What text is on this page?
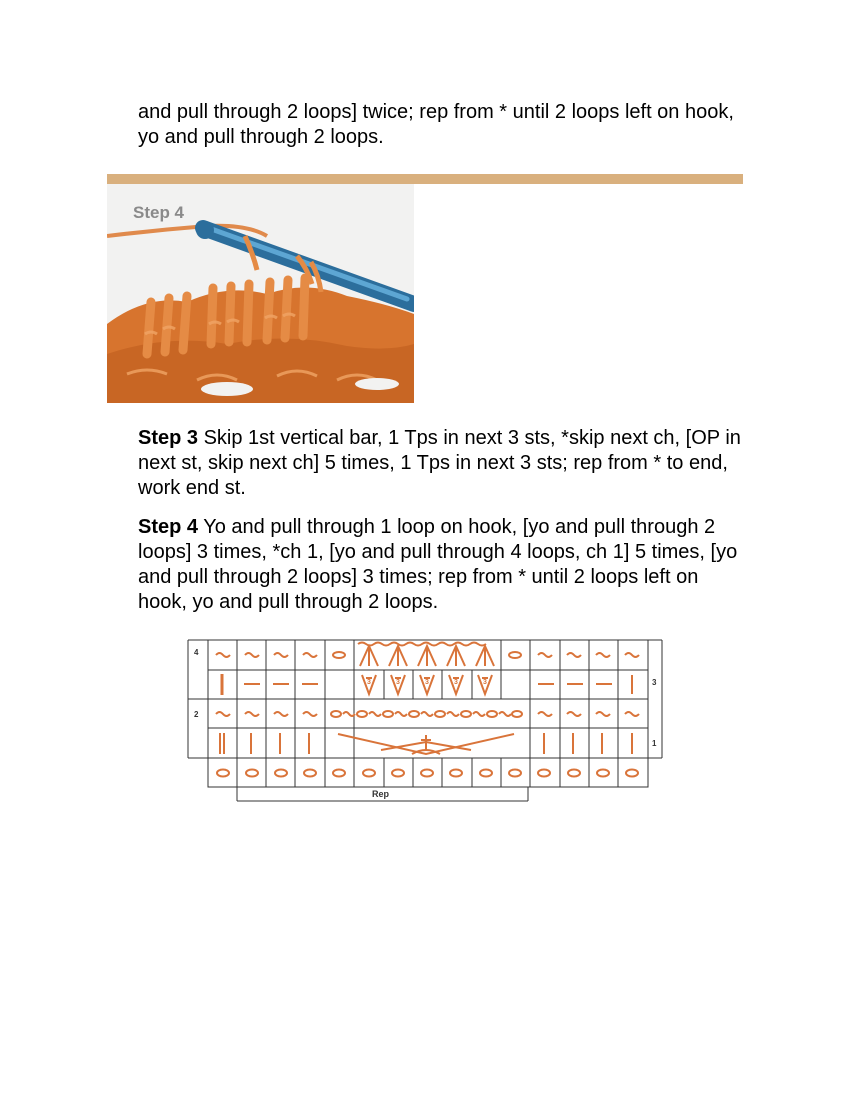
and pull through 2 loops] twice; rep from * until 2 loops left on hook, yo and pull through 2 loops.

Step 4

Step 3 Skip 1st vertical bar, 1 Tps in next 3 sts, *skip next ch, [OP in next st, skip next ch] 5 times, 1 Tps in next 3 sts; rep from * to end, work end st.

Step 4 Yo and pull through 1 loop on hook, [yo and pull through 2 loops] 3 times, *ch 1, [yo and pull through 4 loops, ch 1] 5 times, [yo and pull through 2 loops] 3 times; rep from * until 2 loops left on hook, yo and pull through 2 loops.

4
2
3
1
Rep
3	3	3	3	3
